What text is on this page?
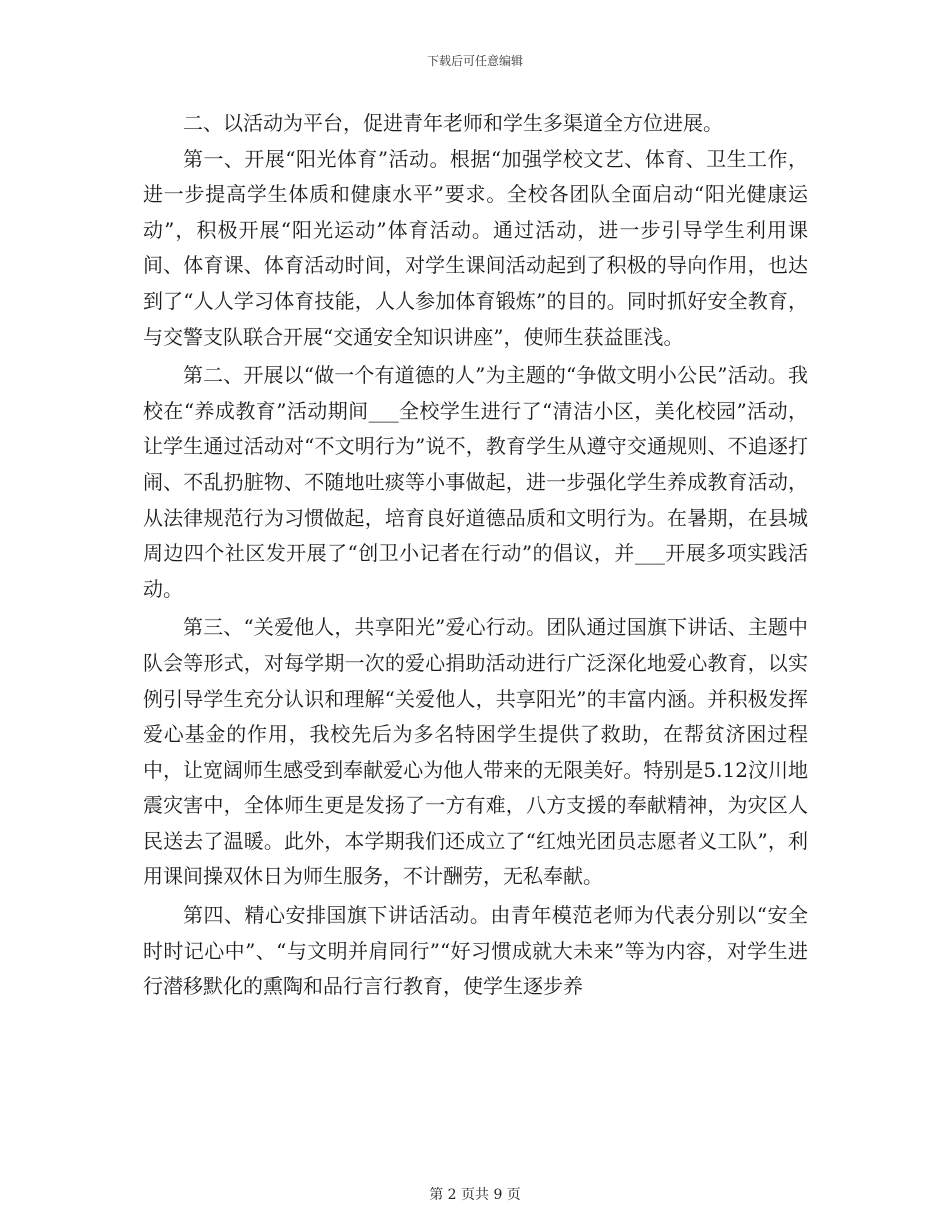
下载后可任意编辑

二、以活动为平台，促进青年老师和学生多渠道全方位进展。

第一、开展“阳光体育”活动。根据“加强学校文艺、体育、卫生工作，进一步提高学生体质和健康水平”要求。全校各团队全面启动“阳光健康运动”，积极开展“阳光运动”体育活动。通过活动，进一步引导学生利用课间、体育课、体育活动时间，对学生课间活动起到了积极的导向作用，也达到了“人人学习体育技能，人人参加体育锻炼”的目的。同时抓好安全教育，与交警支队联合开展“交通安全知识讲座”，使师生获益匪浅。

第二、开展以“做一个有道德的人”为主题的“争做文明小公民”活动。我校在“养成教育”活动期间___全校学生进行了“清洁小区，美化校园”活动，让学生通过活动对“不文明行为”说不，教育学生从遵守交通规则、不追逐打闹、不乱扔脏物、不随地吐痰等小事做起，进一步强化学生养成教育活动，从法律规范行为习惯做起，培育良好道德品质和文明行为。在暑期，在县城周边四个社区发开展了“创卫小记者在行动”的倡议，并___开展多项实践活动。

第三、“关爱他人，共享阳光”爱心行动。团队通过国旗下讲话、主题中队会等形式，对每学期一次的爱心捐助活动进行广泛深化地爱心教育，以实例引导学生充分认识和理解“关爱他人，共享阳光”的丰富内涵。并积极发挥爱心基金的作用，我校先后为多名特困学生提供了救助，在帮贫济困过程中，让宽阔师生感受到奉献爱心为他人带来的无限美好。特别是5.12汶川地震灾害中，全体师生更是发扬了一方有难，八方支援的奉献精神，为灾区人民送去了温暖。此外，本学期我们还成立了“红烛光团员志愿者义工队”，利用课间操双休日为师生服务，不计酬劳，无私奉献。

第四、精心安排国旗下讲话活动。由青年模范老师为代表分别以“安全时时记心中”、“与文明并肩同行”“好习惯成就大未来”等为内容，对学生进行潜移默化的熏陶和品行言行教育，使学生逐步养

第 2 页共 9 页
